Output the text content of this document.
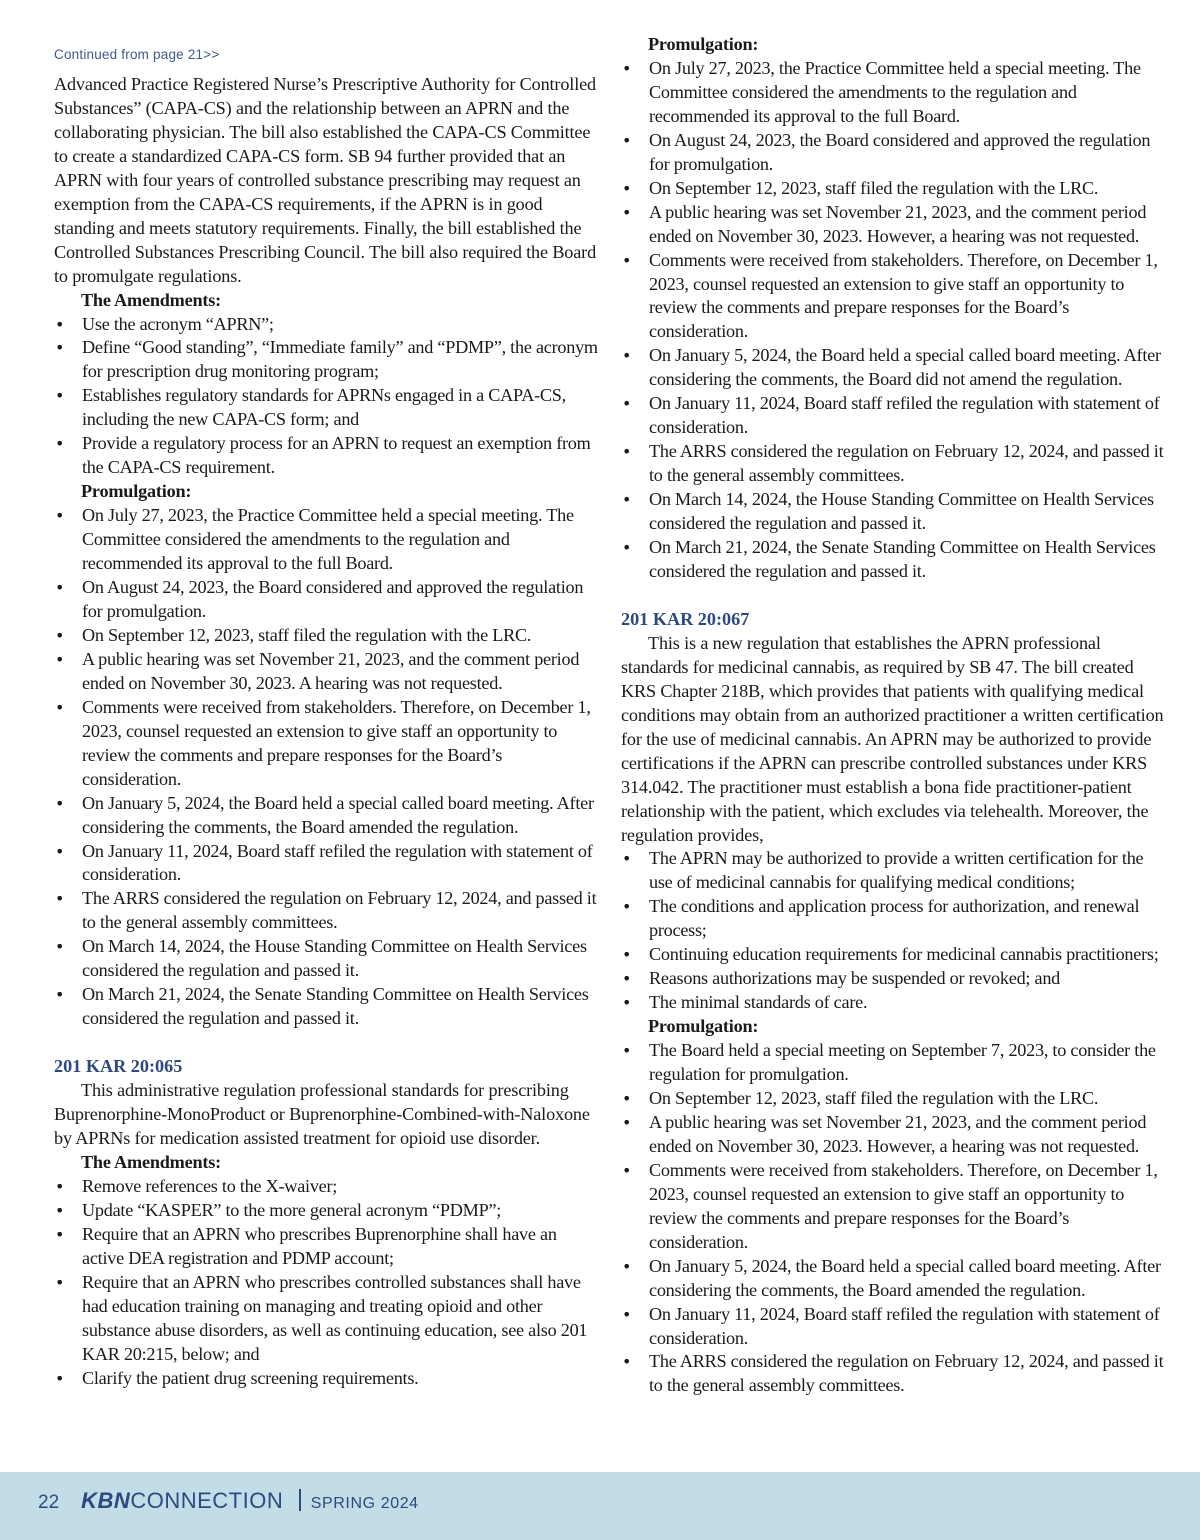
Continued from page 21>>

Advanced Practice Registered Nurse’s Prescriptive Authority for Controlled Substances” (CAPA-CS) and the relationship between an APRN and the collaborating physician. The bill also established the CAPA-CS Committee to create a standardized CAPA-CS form. SB 94 further provided that an APRN with four years of controlled substance prescribing may request an exemption from the CAPA-CS requirements, if the APRN is in good standing and meets statutory requirements. Finally, the bill established the Controlled Substances Prescribing Council. The bill also required the Board to promulgate regulations.

The Amendments:
• Use the acronym “APRN”;
• Define “Good standing”, “Immediate family” and “PDMP”, the acronym for prescription drug monitoring program;
• Establishes regulatory standards for APRNs engaged in a CAPA-CS, including the new CAPA-CS form; and
• Provide a regulatory process for an APRN to request an exemption from the CAPA-CS requirement.
Promulgation:
• On July 27, 2023, the Practice Committee held a special meeting. The Committee considered the amendments to the regulation and recommended its approval to the full Board.
• On August 24, 2023, the Board considered and approved the regulation for promulgation.
• On September 12, 2023, staff filed the regulation with the LRC.
• A public hearing was set November 21, 2023, and the comment period ended on November 30, 2023. A hearing was not requested.
• Comments were received from stakeholders. Therefore, on December 1, 2023, counsel requested an extension to give staff an opportunity to review the comments and prepare responses for the Board’s consideration.
• On January 5, 2024, the Board held a special called board meeting. After considering the comments, the Board amended the regulation.
• On January 11, 2024, Board staff refiled the regulation with statement of consideration.
• The ARRS considered the regulation on February 12, 2024, and passed it to the general assembly committees.
• On March 14, 2024, the House Standing Committee on Health Services considered the regulation and passed it.
• On March 21, 2024, the Senate Standing Committee on Health Services considered the regulation and passed it.
201 KAR 20:065

This administrative regulation professional standards for prescribing Buprenorphine-MonoProduct or Buprenorphine-Combined-with-Naloxone by APRNs for medication assisted treatment for opioid use disorder.

The Amendments:
• Remove references to the X-waiver;
• Update “KASPER” to the more general acronym “PDMP”;
• Require that an APRN who prescribes Buprenorphine shall have an active DEA registration and PDMP account;
• Require that an APRN who prescribes controlled substances shall have had education training on managing and treating opioid and other substance abuse disorders, as well as continuing education, see also 201 KAR 20:215, below; and
• Clarify the patient drug screening requirements.
Promulgation:
• On July 27, 2023, the Practice Committee held a special meeting. The Committee considered the amendments to the regulation and recommended its approval to the full Board.
• On August 24, 2023, the Board considered and approved the regulation for promulgation.
• On September 12, 2023, staff filed the regulation with the LRC.
• A public hearing was set November 21, 2023, and the comment period ended on November 30, 2023. However, a hearing was not requested.
• Comments were received from stakeholders. Therefore, on December 1, 2023, counsel requested an extension to give staff an opportunity to review the comments and prepare responses for the Board’s consideration.
• On January 5, 2024, the Board held a special called board meeting. After considering the comments, the Board did not amend the regulation.
• On January 11, 2024, Board staff refiled the regulation with statement of consideration.
• The ARRS considered the regulation on February 12, 2024, and passed it to the general assembly committees.
• On March 14, 2024, the House Standing Committee on Health Services considered the regulation and passed it.
• On March 21, 2024, the Senate Standing Committee on Health Services considered the regulation and passed it.
201 KAR 20:067

This is a new regulation that establishes the APRN professional standards for medicinal cannabis, as required by SB 47. The bill created KRS Chapter 218B, which provides that patients with qualifying medical conditions may obtain from an authorized practitioner a written certification for the use of medicinal cannabis. An APRN may be authorized to provide certifications if the APRN can prescribe controlled substances under KRS 314.042. The practitioner must establish a bona fide practitioner-patient relationship with the patient, which excludes via telehealth. Moreover, the regulation provides,

• The APRN may be authorized to provide a written certification for the use of medicinal cannabis for qualifying medical conditions;
• The conditions and application process for authorization, and renewal process;
• Continuing education requirements for medicinal cannabis practitioners;
• Reasons authorizations may be suspended or revoked; and
• The minimal standards of care.
Promulgation:
• The Board held a special meeting on September 7, 2023, to consider the regulation for promulgation.
• On September 12, 2023, staff filed the regulation with the LRC.
• A public hearing was set November 21, 2023, and the comment period ended on November 30, 2023. However, a hearing was not requested.
• Comments were received from stakeholders. Therefore, on December 1, 2023, counsel requested an extension to give staff an opportunity to review the comments and prepare responses for the Board’s consideration.
• On January 5, 2024, the Board held a special called board meeting. After considering the comments, the Board amended the regulation.
• On January 11, 2024, Board staff refiled the regulation with statement of consideration.
• The ARRS considered the regulation on February 12, 2024, and passed it to the general assembly committees.
22 KBN CONNECTION SPRING 2024
